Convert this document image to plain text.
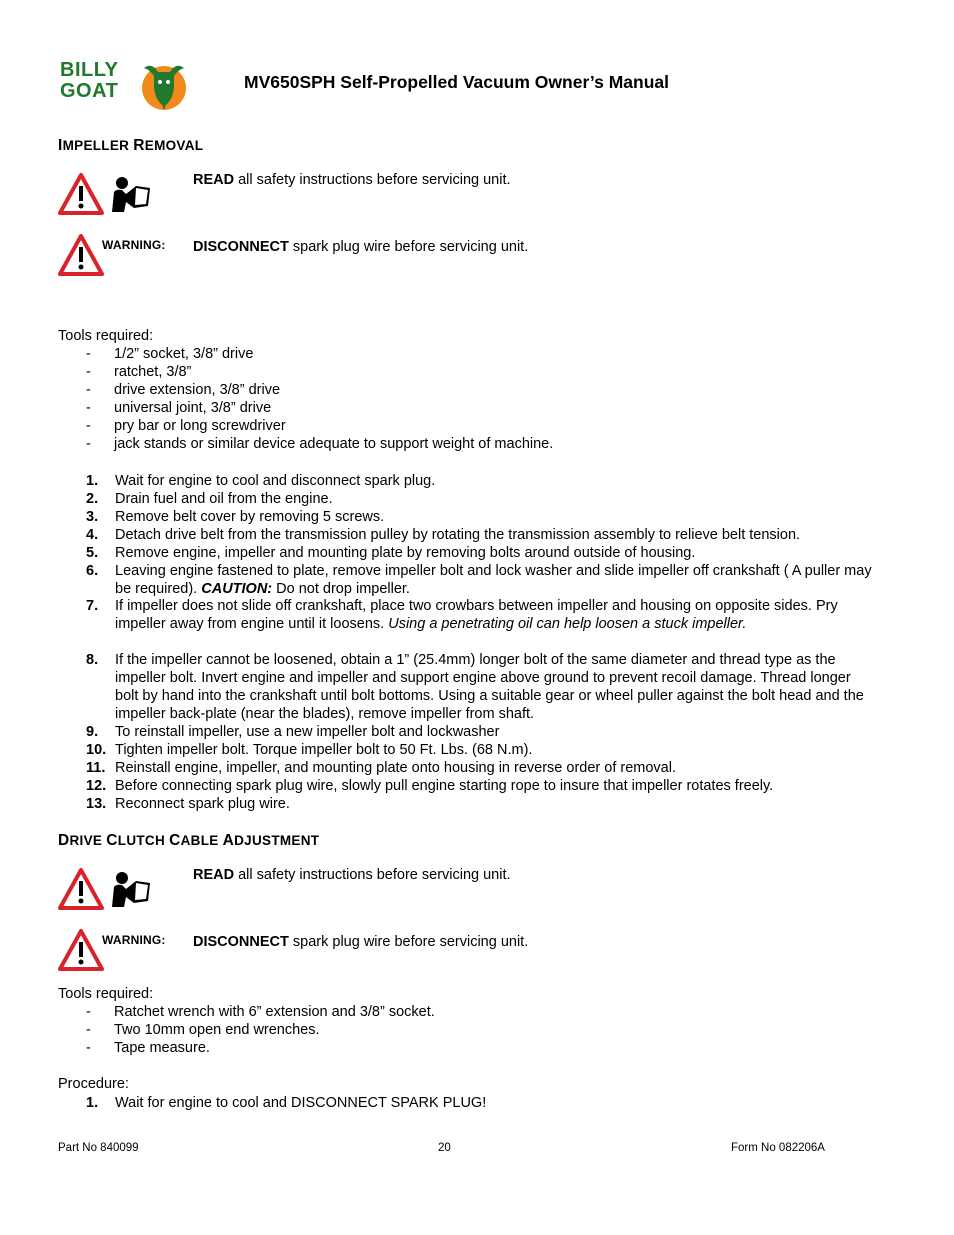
BILLY
GOAT	MV650SPH Self-Propelled Vacuum Owner’s Manual
IMPELLER REMOVAL
READ all safety instructions before servicing unit.
WARNING: DISCONNECT spark plug wire before servicing unit.
Tools required:
- 1/2” socket, 3/8” drive
- ratchet, 3/8”
- drive extension, 3/8” drive
- universal joint, 3/8” drive
- pry bar or long screwdriver
- jack stands or similar device adequate to support weight of machine.
1. Wait for engine to cool and disconnect spark plug.
2. Drain fuel and oil from the engine.
3. Remove belt cover by removing 5 screws.
4. Detach drive belt from the transmission pulley by rotating the transmission assembly to relieve belt tension.
5. Remove engine, impeller and mounting plate by removing bolts around outside of housing.
6. Leaving engine fastened to plate, remove impeller bolt and lock washer and slide impeller off crankshaft ( A puller may be required). CAUTION: Do not drop impeller.
7. If impeller does not slide off crankshaft, place two crowbars between impeller and housing on opposite sides. Pry impeller away from engine until it loosens. Using a penetrating oil can help loosen a stuck impeller.
8. If the impeller cannot be loosened, obtain a 1” (25.4mm) longer bolt of the same diameter and thread type as the impeller bolt. Invert engine and impeller and support engine above ground to prevent recoil damage. Thread longer bolt by hand into the crankshaft until bolt bottoms. Using a suitable gear or wheel puller against the bolt head and the impeller back-plate (near the blades), remove impeller from shaft.
9. To reinstall impeller, use a new impeller bolt and lockwasher
10. Tighten impeller bolt. Torque impeller bolt to 50 Ft. Lbs. (68 N.m).
11. Reinstall engine, impeller, and mounting plate onto housing in reverse order of removal.
12. Before connecting spark plug wire, slowly pull engine starting rope to insure that impeller rotates freely.
13. Reconnect spark plug wire.
DRIVE CLUTCH CABLE ADJUSTMENT
READ all safety instructions before servicing unit.
WARNING: DISCONNECT spark plug wire before servicing unit.
Tools required:
- Ratchet wrench with 6” extension and 3/8” socket.
- Two 10mm open end wrenches.
- Tape measure.
Procedure:
1. Wait for engine to cool and DISCONNECT SPARK PLUG!
Part No 840099	20	Form No 082206A
